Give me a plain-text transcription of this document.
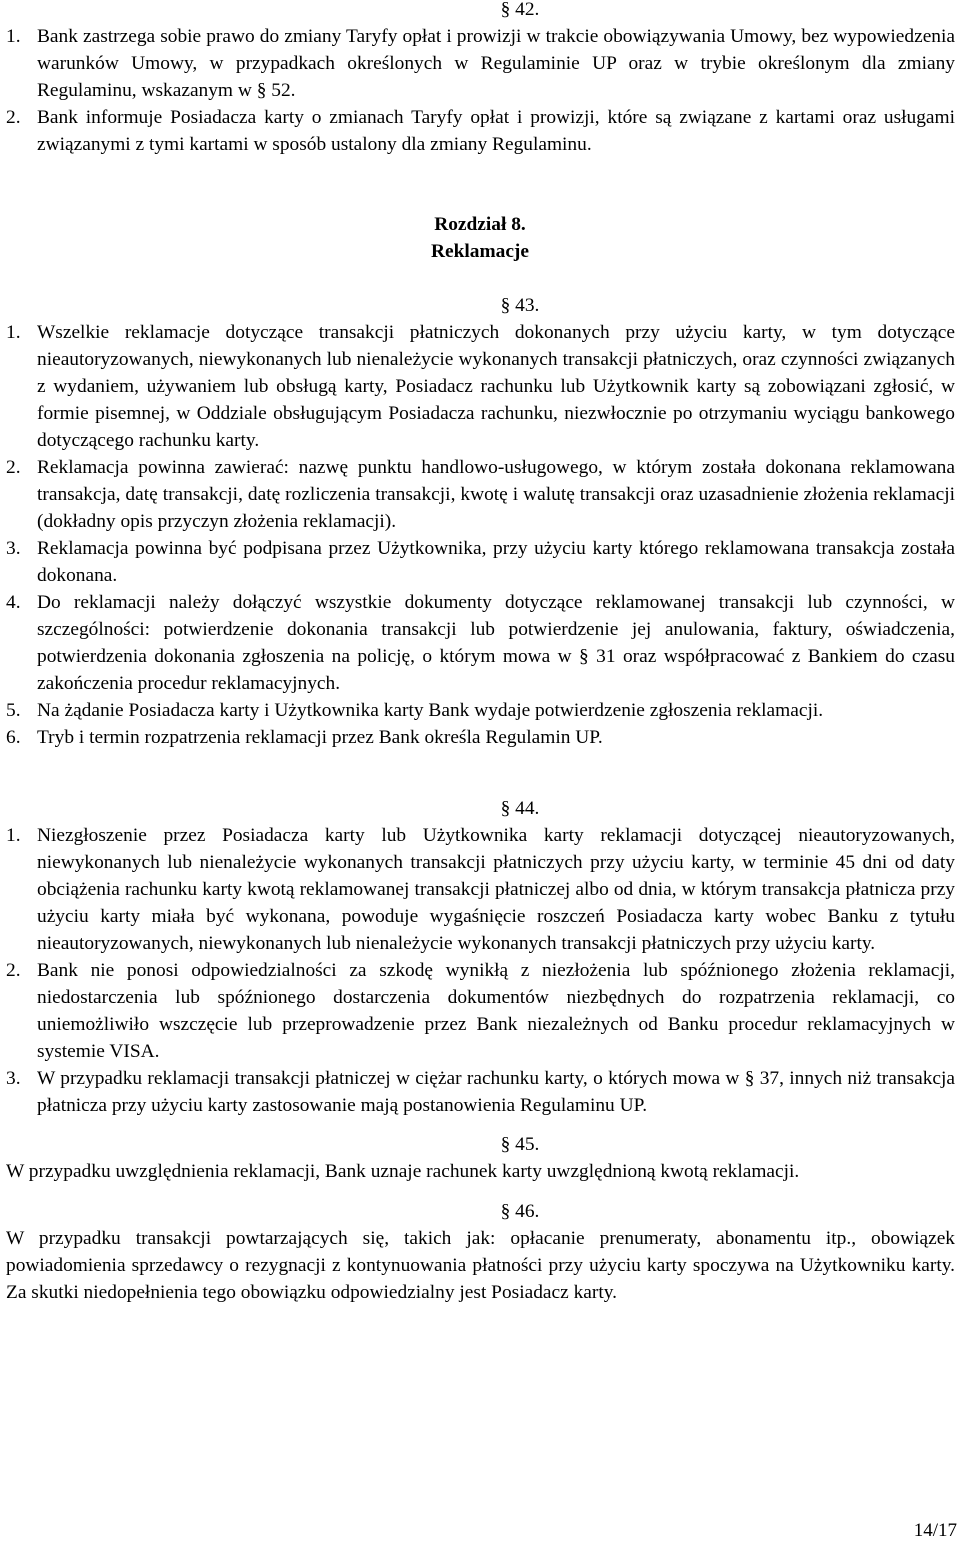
§ 42.

1. Bank zastrzega sobie prawo do zmiany Taryfy opłat i prowizji w trakcie obowiązywania Umowy, bez wypowiedzenia warunków Umowy, w przypadkach określonych w Regulaminie UP oraz w trybie określonym dla zmiany Regulaminu, wskazanym w § 52.
2. Bank informuje Posiadacza karty o zmianach Taryfy opłat i prowizji, które są związane z kartami oraz usługami związanymi z tymi kartami w sposób ustalony dla zmiany Regulaminu.

Rozdział 8.

Reklamacje

§ 43.

1. Wszelkie reklamacje dotyczące transakcji płatniczych dokonanych przy użyciu karty, w tym dotyczące nieautoryzowanych, niewykonanych lub nienależycie wykonanych transakcji płatniczych, oraz czynności związanych z wydaniem, używaniem lub obsługą karty, Posiadacz rachunku lub Użytkownik karty są zobowiązani zgłosić, w formie pisemnej, w Oddziale obsługującym Posiadacza rachunku, niezwłocznie po otrzymaniu wyciągu bankowego dotyczącego rachunku karty.
2. Reklamacja powinna zawierać: nazwę punktu handlowo-usługowego, w którym została dokonana reklamowana transakcja, datę transakcji, datę rozliczenia transakcji, kwotę i walutę transakcji oraz uzasadnienie złożenia reklamacji (dokładny opis przyczyn złożenia reklamacji).
3. Reklamacja powinna być podpisana przez Użytkownika, przy użyciu karty którego reklamowana transakcja została dokonana.
4. Do reklamacji należy dołączyć wszystkie dokumenty dotyczące reklamowanej transakcji lub czynności, w szczególności: potwierdzenie dokonania transakcji lub potwierdzenie jej anulowania, faktury, oświadczenia, potwierdzenia dokonania zgłoszenia na policję, o którym mowa w § 31 oraz współpracować z Bankiem do czasu zakończenia procedur reklamacyjnych.
5. Na żądanie Posiadacza karty i Użytkownika karty Bank wydaje potwierdzenie zgłoszenia reklamacji.
6. Tryb i termin rozpatrzenia reklamacji przez Bank określa Regulamin UP.

§ 44.

1. Niezgłoszenie przez Posiadacza karty lub Użytkownika karty reklamacji dotyczącej nieautoryzowanych, niewykonanych lub nienależycie wykonanych transakcji płatniczych przy użyciu karty, w terminie 45 dni od daty obciążenia rachunku karty kwotą reklamowanej transakcji płatniczej albo od dnia, w którym transakcja płatnicza przy użyciu karty miała być wykonana, powoduje wygaśnięcie roszczeń Posiadacza karty wobec Banku z tytułu nieautoryzowanych, niewykonanych lub nienależycie wykonanych transakcji płatniczych przy użyciu karty.
2. Bank nie ponosi odpowiedzialności za szkodę wynikłą z niezłożenia lub spóźnionego złożenia reklamacji, niedostarczenia lub spóźnionego dostarczenia dokumentów niezbędnych do rozpatrzenia reklamacji, co uniemożliwiło wszczęcie lub przeprowadzenie przez Bank niezależnych od Banku procedur reklamacyjnych w systemie VISA.
3. W przypadku reklamacji transakcji płatniczej w ciężar rachunku karty, o których mowa w § 37, innych niż transakcja płatnicza przy użyciu karty zastosowanie mają postanowienia Regulaminu UP.

§ 45.

W przypadku uwzględnienia reklamacji, Bank uznaje rachunek karty uwzględnioną kwotą reklamacji.

§ 46.

W przypadku transakcji powtarzających się, takich jak: opłacanie prenumeraty, abonamentu itp., obowiązek powiadomienia sprzedawcy o rezygnacji z kontynuowania płatności przy użyciu karty spoczywa na Użytkowniku karty. Za skutki niedopełnienia tego obowiązku odpowiedzialny jest Posiadacz karty.

14/17
